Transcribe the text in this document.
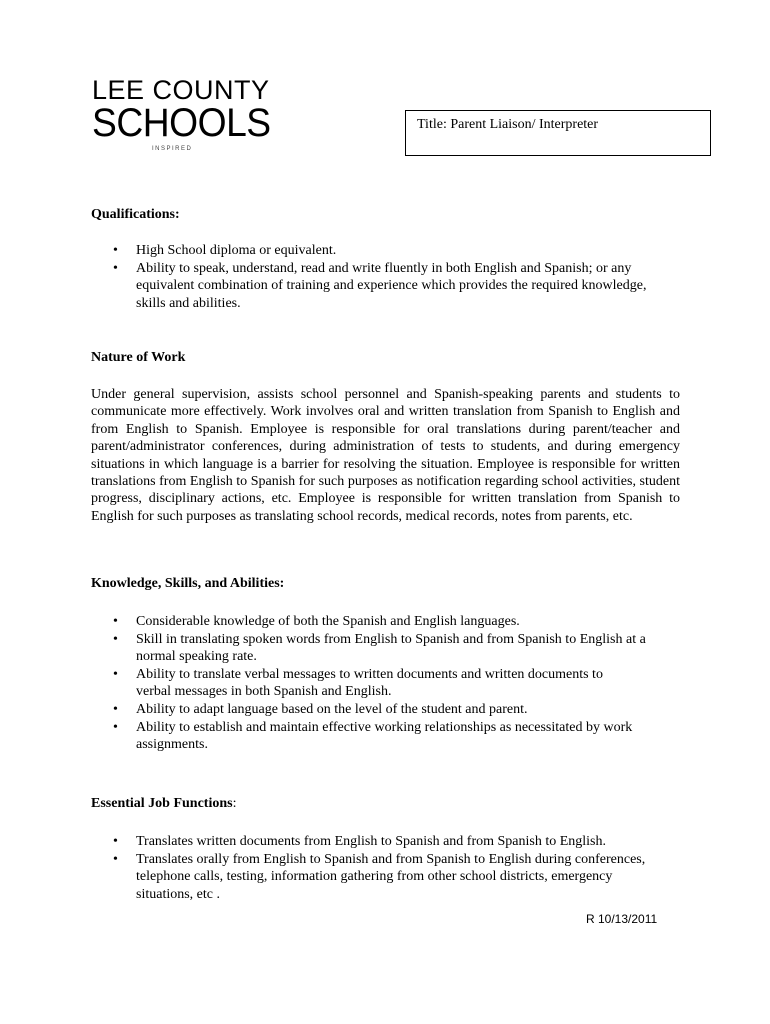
LEE COUNTY
SCHOOLS
INSPIRED
Title: Parent Liaison/ Interpreter
Qualifications:
• High School diploma or equivalent.
• Ability to speak, understand, read and write fluently in both English and Spanish; or any equivalent combination of training and experience which provides the required knowledge, skills and abilities.
Nature of Work

Under general supervision, assists school personnel and Spanish-speaking parents and students to communicate more effectively. Work involves oral and written translation from Spanish to English and from English to Spanish. Employee is responsible for oral translations during parent/teacher and parent/administrator conferences, during administration of tests to students, and during emergency situations in which language is a barrier for resolving the situation. Employee is responsible for written translations from English to Spanish for such purposes as notification regarding school activities, student progress, disciplinary actions, etc. Employee is responsible for written translation from Spanish to English for such purposes as translating school records, medical records, notes from parents, etc.

Knowledge, Skills, and Abilities:
• Considerable knowledge of both the Spanish and English languages.
• Skill in translating spoken words from English to Spanish and from Spanish to English at a normal speaking rate.
• Ability to translate verbal messages to written documents and written documents to verbal messages in both Spanish and English.
• Ability to adapt language based on the level of the student and parent.
• Ability to establish and maintain effective working relationships as necessitated by work assignments.
Essential Job Functions:
• Translates written documents from English to Spanish and from Spanish to English.
• Translates orally from English to Spanish and from Spanish to English during conferences, telephone calls, testing, information gathering from other school districts, emergency situations, etc .
R 10/13/2011
